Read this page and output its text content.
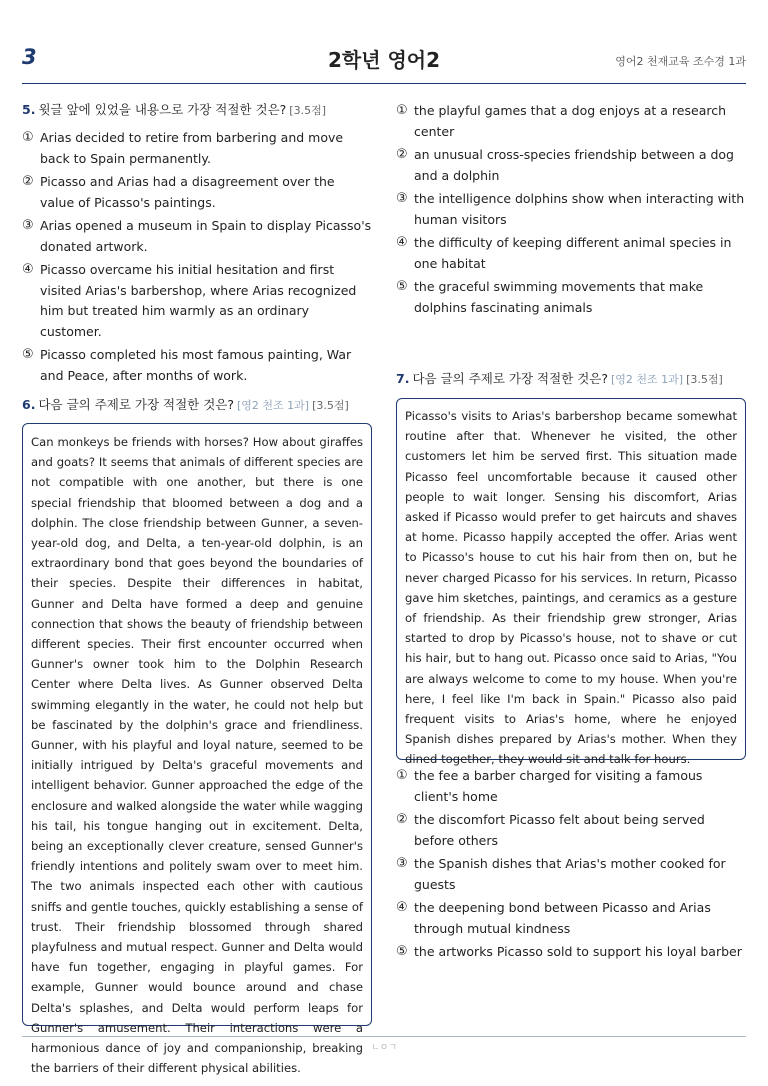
3	2학년 영어2	영어2 천재교육 조수경 1과
5. 윗글 앞에 있었을 내용으로 가장 적절한 것은? [3.5점]
① Arias decided to retire from barbering and move back to Spain permanently.
② Picasso and Arias had a disagreement over the value of Picasso's paintings.
③ Arias opened a museum in Spain to display Picasso's donated artwork.
④ Picasso overcame his initial hesitation and first visited Arias's barbershop, where Arias recognized him but treated him warmly as an ordinary customer.
⑤ Picasso completed his most famous painting, War and Peace, after months of work.
6. 다음 글의 주제로 가장 적절한 것은? [영2 천조 1과] [3.5점]
Can monkeys be friends with horses? How about giraffes and goats? It seems that animals of different species are not compatible with one another, but there is one special friendship that bloomed between a dog and a dolphin. The close friendship between Gunner, a seven-year-old dog, and Delta, a ten-year-old dolphin, is an extraordinary bond that goes beyond the boundaries of their species. Despite their differences in habitat, Gunner and Delta have formed a deep and genuine connection that shows the beauty of friendship between different species. Their first encounter occurred when Gunner's owner took him to the Dolphin Research Center where Delta lives. As Gunner observed Delta swimming elegantly in the water, he could not help but be fascinated by the dolphin's grace and friendliness. Gunner, with his playful and loyal nature, seemed to be initially intrigued by Delta's graceful movements and intelligent behavior. Gunner approached the edge of the enclosure and walked alongside the water while wagging his tail, his tongue hanging out in excitement. Delta, being an exceptionally clever creature, sensed Gunner's friendly intentions and politely swam over to meet him. The two animals inspected each other with cautious sniffs and gentle touches, quickly establishing a sense of trust. Their friendship blossomed through shared playfulness and mutual respect. Gunner and Delta would have fun together, engaging in playful games. For example, Gunner would bounce around and chase Delta's splashes, and Delta would perform leaps for Gunner's amusement. Their interactions were a harmonious dance of joy and companionship, breaking the barriers of their different physical abilities.
① the playful games that a dog enjoys at a research center
② an unusual cross-species friendship between a dog and a dolphin
③ the intelligence dolphins show when interacting with human visitors
④ the difficulty of keeping different animal species in one habitat
⑤ the graceful swimming movements that make dolphins fascinating animals
7. 다음 글의 주제로 가장 적절한 것은? [영2 천조 1과] [3.5점]
Picasso's visits to Arias's barbershop became somewhat routine after that. Whenever he visited, the other customers let him be served first. This situation made Picasso feel uncomfortable because it caused other people to wait longer. Sensing his discomfort, Arias asked if Picasso would prefer to get haircuts and shaves at home. Picasso happily accepted the offer. Arias went to Picasso's house to cut his hair from then on, but he never charged Picasso for his services. In return, Picasso gave him sketches, paintings, and ceramics as a gesture of friendship. As their friendship grew stronger, Arias started to drop by Picasso's house, not to shave or cut his hair, but to hang out. Picasso once said to Arias, "You are always welcome to come to my house. When you're here, I feel like I'm back in Spain." Picasso also paid frequent visits to Arias's home, where he enjoyed Spanish dishes prepared by Arias's mother. When they dined together, they would sit and talk for hours.
① the fee a barber charged for visiting a famous client's home
② the discomfort Picasso felt about being served before others
③ the Spanish dishes that Arias's mother cooked for guests
④ the deepening bond between Picasso and Arias through mutual kindness
⑤ the artworks Picasso sold to support his loyal barber
ㄴㅇㄱ
